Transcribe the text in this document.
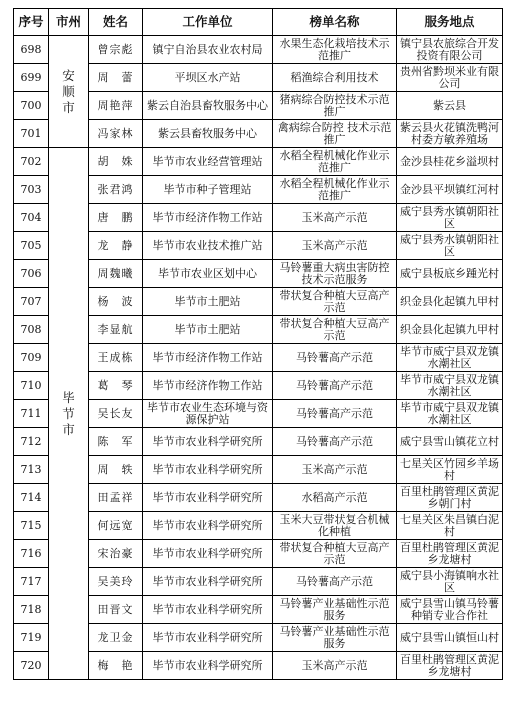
序号	市州	姓名	工作单位	榜单名称	服务地点
698	安顺市	曾宗彪	镇宁自治县农业农村局	水果生态化栽培技术示范推广	镇宁县农旅综合开发投资有限公司
699		周　蕾	平坝区水产站	稻渔综合利用技术	贵州省黔坝米业有限公司
700		周艳萍	紫云自治县畜牧服务中心	猪病综合防控技术示范推广	紫云县
701		冯家林	紫云县畜牧服务中心	禽病综合防控 技术示范推广	紫云县火花镇洗鸭河村委方敏养殖场
702	毕节市	胡　姝	毕节市农业经营管理站	水稻全程机械化作业示范推广	金沙县桂花乡溢坝村
703		张君鸿	毕节市种子管理站	水稻全程机械化作业示范推广	金沙县平坝镇红河村
704		唐　鹏	毕节市经济作物工作站	玉米高产示范	威宁县秀水镇朝阳社区
705		龙　静	毕节市农业技术推广站	玉米高产示范	威宁县秀水镇朝阳社区
706		周魏曦	毕节市农业区划中心	马铃薯重大病虫害防控技术示范服务	威宁县板底乡踵光村
707		杨　波	毕节市土肥站	带状复合种植大豆高产示范	织金县化起镇九甲村
708		李显航	毕节市土肥站	带状复合种植大豆高产示范	织金县化起镇九甲村
709		王成栋	毕节市经济作物工作站	马铃薯高产示范	毕节市威宁县双龙镇水潮社区
710		葛　琴	毕节市经济作物工作站	马铃薯高产示范	毕节市威宁县双龙镇水潮社区
711		吴长友	毕节市农业生态环境与资源保护站	马铃薯高产示范	毕节市威宁县双龙镇水潮社区
712		陈　军	毕节市农业科学研究所	马铃薯高产示范	威宁县雪山镇花立村
713		周　轶	毕节市农业科学研究所	玉米高产示范	七星关区竹园乡羊场村
714		田孟祥	毕节市农业科学研究所	水稻高产示范	百里杜鹃管理区黄泥乡朝门村
715		何远宽	毕节市农业科学研究所	玉米大豆带状复合机械化种植	七星关区朱昌镇白泥村
716		宋治豪	毕节市农业科学研究所	带状复合种植大豆高产示范	百里杜鹃管理区黄泥乡龙塘村
717		吴美玲	毕节市农业科学研究所	马铃薯高产示范	威宁县小海镇响水社区
718		田晋文	毕节市农业科学研究所	马铃薯产业基础性示范服务	威宁县雪山镇马铃薯种销专业合作社
719		龙卫金	毕节市农业科学研究所	马铃薯产业基础性示范服务	威宁县雪山镇恒山村
720		梅　艳	毕节市农业科学研究所	玉米高产示范	百里杜鹃管理区黄泥乡龙塘村
